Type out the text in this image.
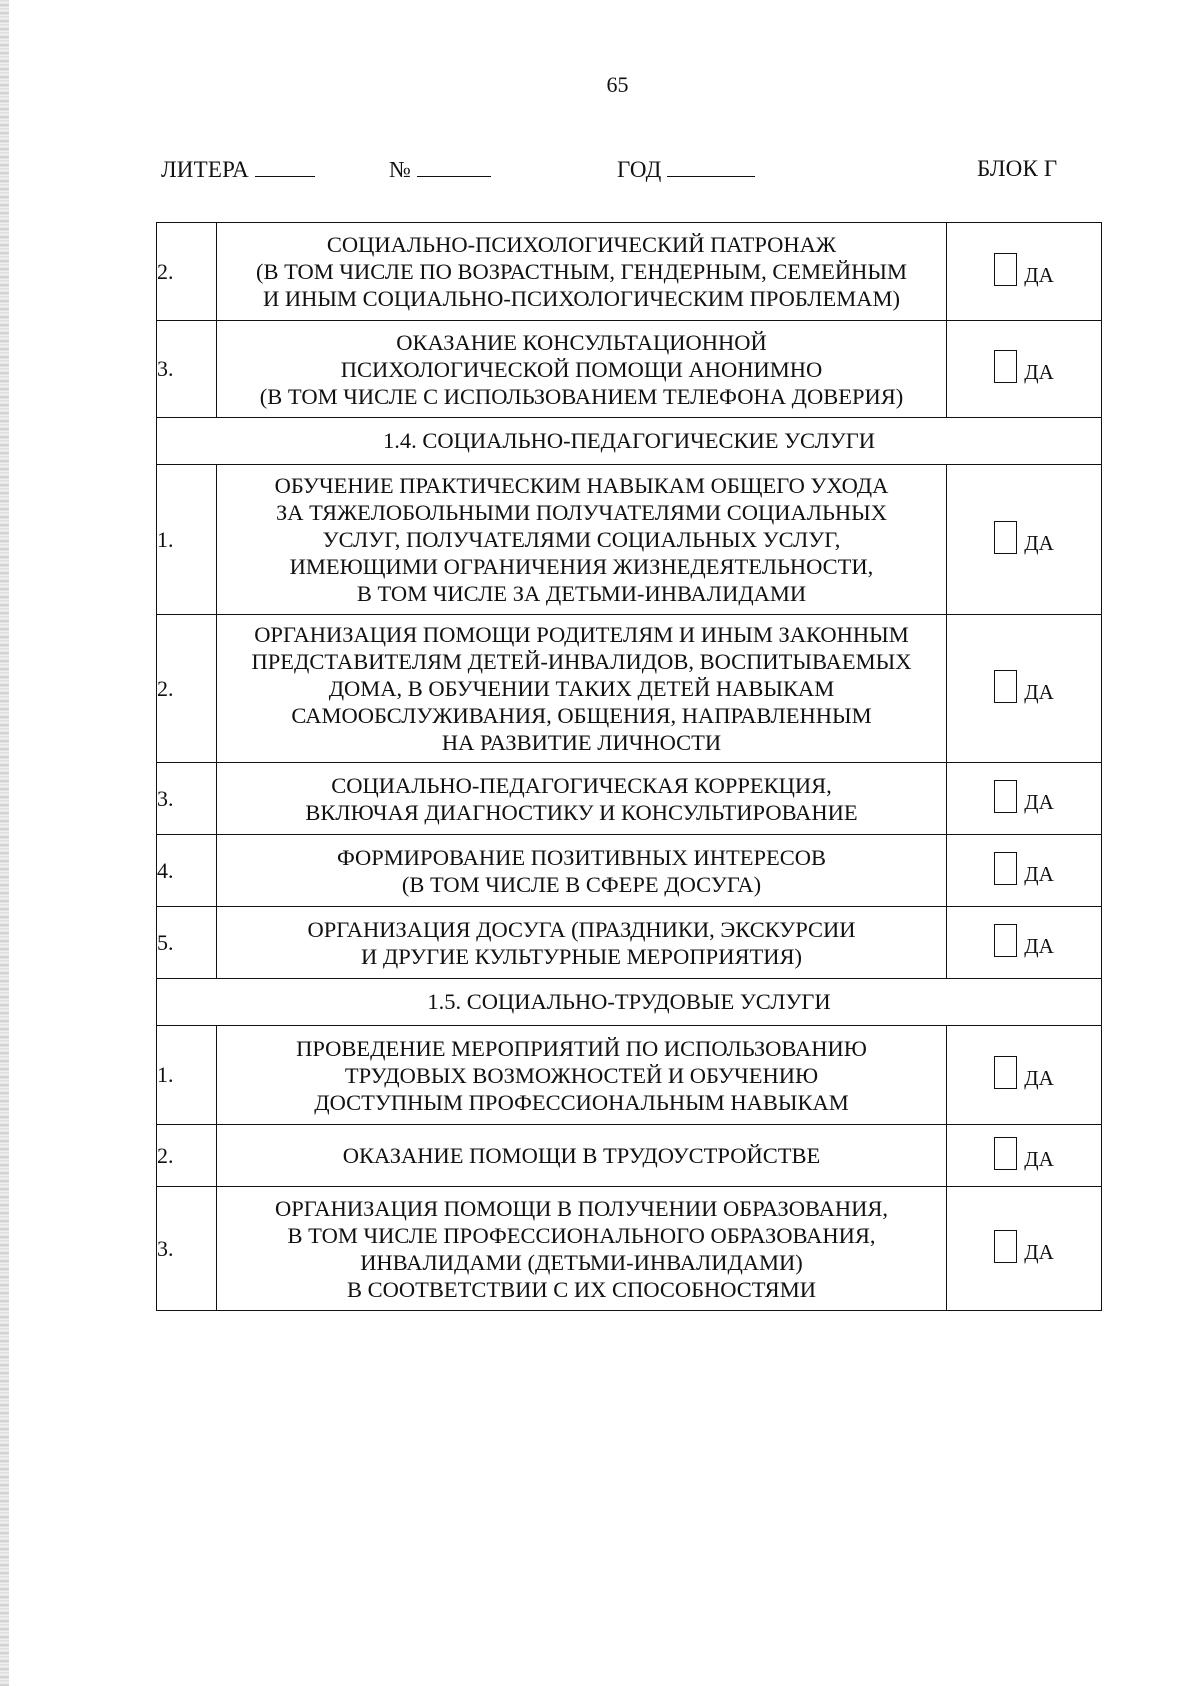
65
ЛИТЕРА	№	ГОД	БЛОК Г
2.	СОЦИАЛЬНО-ПСИХОЛОГИЧЕСКИЙ ПАТРОНАЖ
(В ТОМ ЧИСЛЕ ПО ВОЗРАСТНЫМ, ГЕНДЕРНЫМ, СЕМЕЙНЫМ
И ИНЫМ СОЦИАЛЬНО-ПСИХОЛОГИЧЕСКИМ ПРОБЛЕМАМ)	ДА

3.	ОКАЗАНИЕ КОНСУЛЬТАЦИОННОЙ
ПСИХОЛОГИЧЕСКОЙ ПОМОЩИ АНОНИМНО
(В ТОМ ЧИСЛЕ С ИСПОЛЬЗОВАНИЕМ ТЕЛЕФОНА ДОВЕРИЯ)	ДА

1.4. СОЦИАЛЬНО-ПЕДАГОГИЧЕСКИЕ УСЛУГИ		
1.	ОБУЧЕНИЕ ПРАКТИЧЕСКИМ НАВЫКАМ ОБЩЕГО УХОДА
ЗА ТЯЖЕЛОБОЛЬНЫМИ ПОЛУЧАТЕЛЯМИ СОЦИАЛЬНЫХ
УСЛУГ, ПОЛУЧАТЕЛЯМИ СОЦИАЛЬНЫХ УСЛУГ,
ИМЕЮЩИМИ ОГРАНИЧЕНИЯ ЖИЗНЕДЕЯТЕЛЬНОСТИ,
В ТОМ ЧИСЛЕ ЗА ДЕТЬМИ-ИНВАЛИДАМИ	ДА

2.	ОРГАНИЗАЦИЯ ПОМОЩИ РОДИТЕЛЯМ И ИНЫМ ЗАКОННЫМ
ПРЕДСТАВИТЕЛЯМ ДЕТЕЙ-ИНВАЛИДОВ, ВОСПИТЫВАЕМЫХ
ДОМА, В ОБУЧЕНИИ ТАКИХ ДЕТЕЙ НАВЫКАМ
САМООБСЛУЖИВАНИЯ, ОБЩЕНИЯ, НАПРАВЛЕННЫМ
НА РАЗВИТИЕ ЛИЧНОСТИ	ДА

3.	СОЦИАЛЬНО-ПЕДАГОГИЧЕСКАЯ КОРРЕКЦИЯ,
ВКЛЮЧАЯ ДИАГНОСТИКУ И КОНСУЛЬТИРОВАНИЕ	ДА

4.	ФОРМИРОВАНИЕ ПОЗИТИВНЫХ ИНТЕРЕСОВ
(В ТОМ ЧИСЛЕ В СФЕРЕ ДОСУГА)	ДА

5.	ОРГАНИЗАЦИЯ ДОСУГА (ПРАЗДНИКИ, ЭКСКУРСИИ
И ДРУГИЕ КУЛЬТУРНЫЕ МЕРОПРИЯТИЯ)	ДА

1.5. СОЦИАЛЬНО-ТРУДОВЫЕ УСЛУГИ		
1.	ПРОВЕДЕНИЕ МЕРОПРИЯТИЙ ПО ИСПОЛЬЗОВАНИЮ
ТРУДОВЫХ ВОЗМОЖНОСТЕЙ И ОБУЧЕНИЮ
ДОСТУПНЫМ ПРОФЕССИОНАЛЬНЫМ НАВЫКАМ	ДА

2.	ОКАЗАНИЕ ПОМОЩИ В ТРУДОУСТРОЙСТВЕ	ДА

3.	ОРГАНИЗАЦИЯ ПОМОЩИ В ПОЛУЧЕНИИ ОБРАЗОВАНИЯ,
В ТОМ ЧИСЛЕ ПРОФЕССИОНАЛЬНОГО ОБРАЗОВАНИЯ,
ИНВАЛИДАМИ (ДЕТЬМИ-ИНВАЛИДАМИ)
В СООТВЕТСТВИИ С ИХ СПОСОБНОСТЯМИ	ДА
